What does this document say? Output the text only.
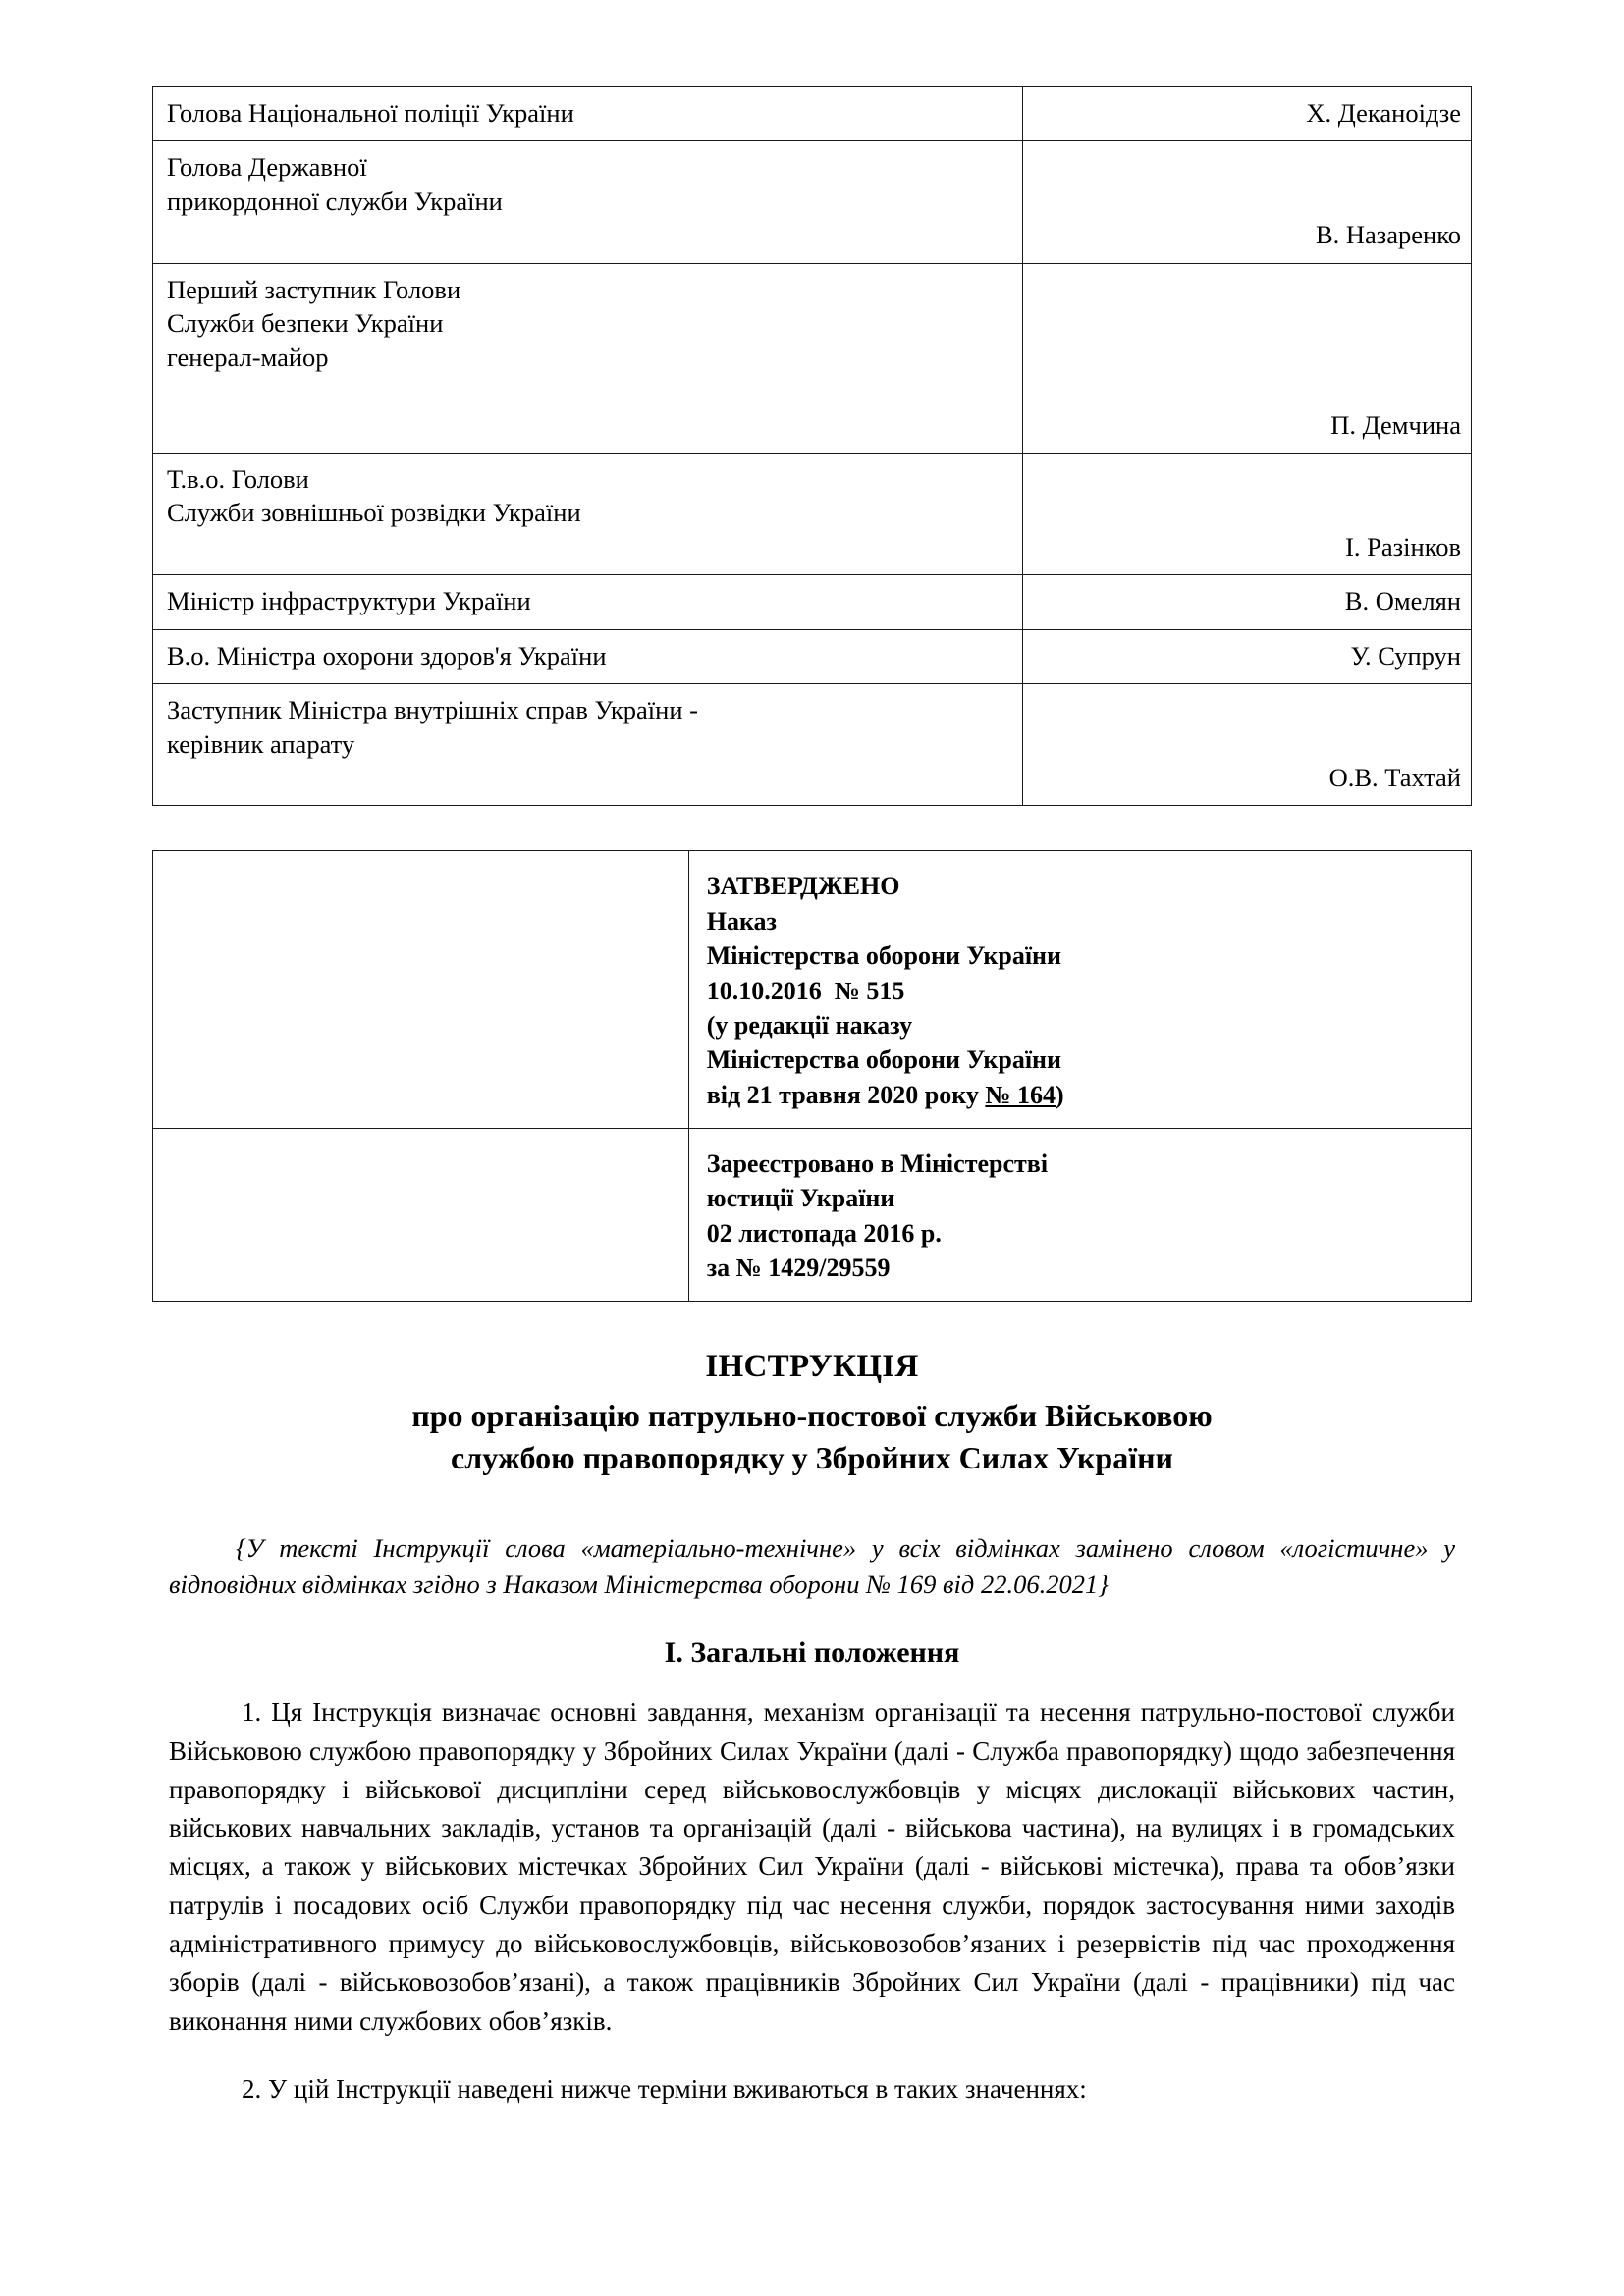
Голова Національної поліції України	Х. Деканоідзе

Голова Державної
прикордонної служби України	В. Назаренко

Перший заступник Голови
Служби безпеки України
генерал-майор	П. Демчина

Т.в.о. Голови
Служби зовнішньої розвідки України	І. Разінков

Міністр інфраструктури України	В. Омелян

В.о. Міністра охорони здоров'я України	У. Супрун

Заступник Міністра внутрішніх справ України -
керівник апарату	О.В. Тахтай

ЗАТВЕРДЖЕНО
Наказ
Міністерства оборони України
10.10.2016  № 515
(у редакції наказу
Міністерства оборони України
від 21 травня 2020 року № 164)

	Зареєстровано в Міністерстві
юстиції України
02 листопада 2016 р.
за № 1429/29559
ІНСТРУКЦІЯ
про організацію патрульно-постової служби Військовою
службою правопорядку у Збройних Силах України
{У тексті Інструкції слова «матеріально-технічне» у всіх відмінках замінено словом «логістичне» у відповідних відмінках згідно з Наказом Міністерства оборони № 169 від 22.06.2021}
I. Загальні положення
1. Ця Інструкція визначає основні завдання, механізм організації та несення патрульно-постової служби Військовою службою правопорядку у Збройних Силах України (далі - Служба правопорядку) щодо забезпечення правопорядку і військової дисципліни серед військовослужбовців у місцях дислокації військових частин, військових навчальних закладів, установ та організацій (далі - військова частина), на вулицях і в громадських місцях, а також у військових містечках Збройних Сил України (далі - військові містечка), права та обов’язки патрулів і посадових осіб Служби правопорядку під час несення служби, порядок застосування ними заходів адміністративного примусу до військовослужбовців, військовозобов’язаних і резервістів під час проходження зборів (далі - військовозобов’язані), а також працівників Збройних Сил України (далі - працівники) під час виконання ними службових обов’язків.
2. У цій Інструкції наведені нижче терміни вживаються в таких значеннях:
